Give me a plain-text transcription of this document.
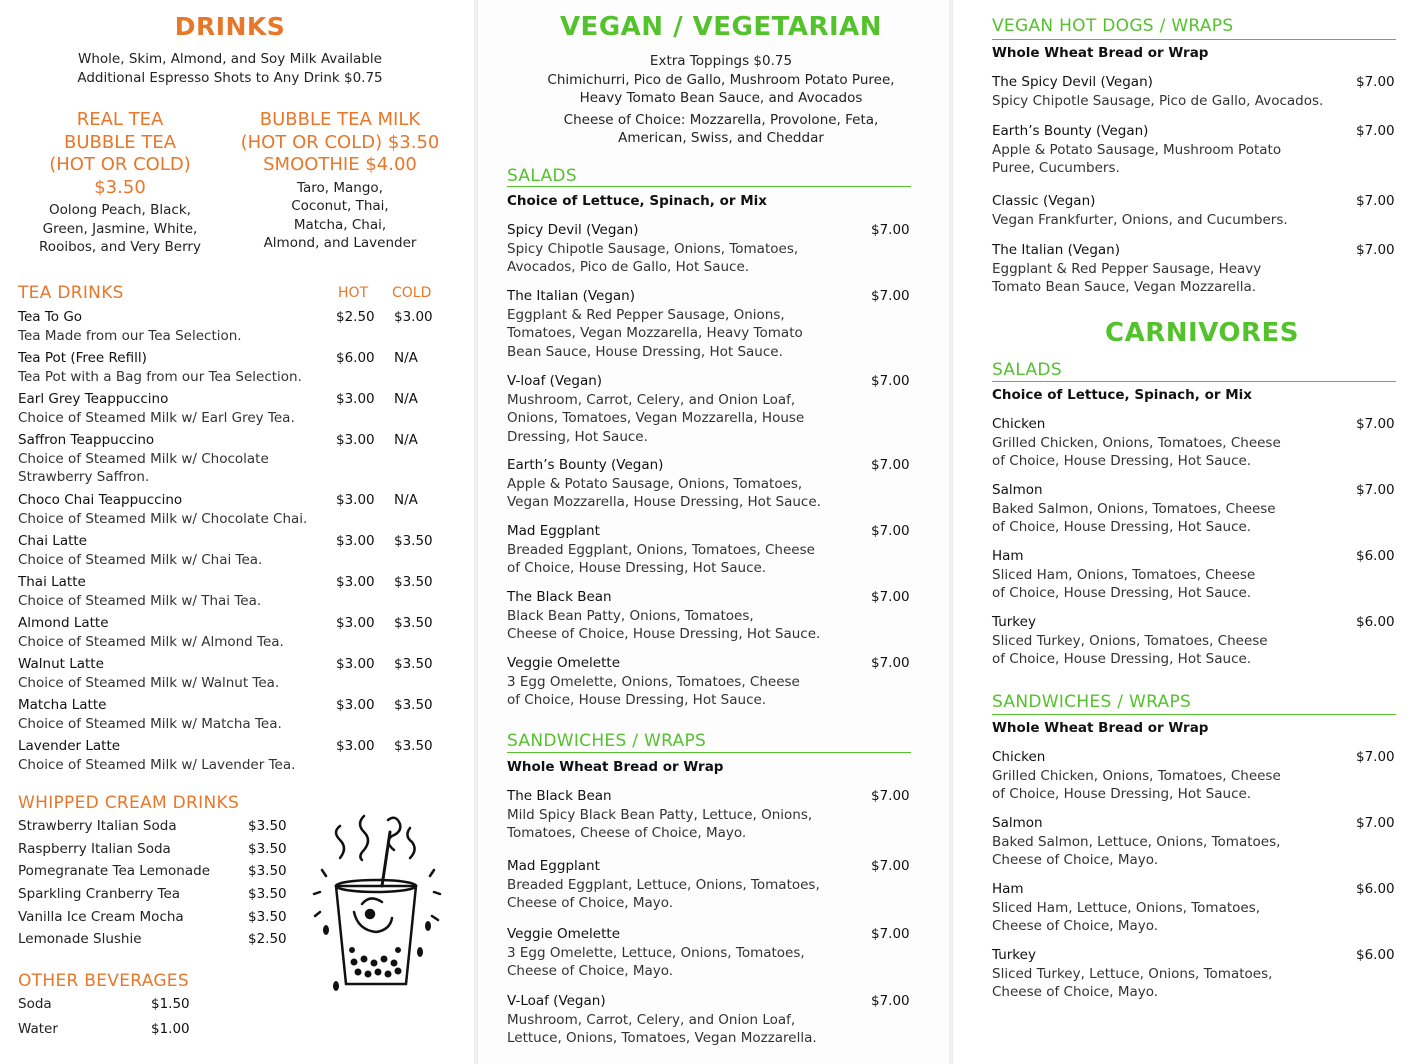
DRINKS
Whole, Skim, Almond, and Soy Milk Available
Additional Espresso Shots to Any Drink $0.75
REAL TEA
BUBBLE TEA
(HOT OR COLD)
$3.50
Oolong Peach, Black,
Green, Jasmine, White,
Rooibos, and Very Berry
BUBBLE TEA MILK
(HOT OR COLD) $3.50
SMOOTHIE $4.00
Taro, Mango,
Coconut, Thai,
Matcha, Chai,
Almond, and Lavender
TEA DRINKS	HOT COLD
Tea To Go
Tea Made from our Tea Selection.
$2.50 $3.00
Tea Pot (Free Refill)
Tea Pot with a Bag from our Tea Selection.
$6.00 N/A
Earl Grey Teappuccino
Choice of Steamed Milk w/ Earl Grey Tea.
$3.00 N/A
Saffron Teappuccino
Choice of Steamed Milk w/ Chocolate
Strawberry Saffron.
$3.00 N/A
Choco Chai Teappuccino
Choice of Steamed Milk w/ Chocolate Chai.
$3.00 N/A
Chai Latte
Choice of Steamed Milk w/ Chai Tea.
$3.00 $3.50
Thai Latte
Choice of Steamed Milk w/ Thai Tea.
$3.00 $3.50
Almond Latte
Choice of Steamed Milk w/ Almond Tea.
$3.00 $3.50
Walnut Latte
Choice of Steamed Milk w/ Walnut Tea.
$3.00 $3.50
Matcha Latte
Choice of Steamed Milk w/ Matcha Tea.
$3.00 $3.50
Lavender Latte
Choice of Steamed Milk w/ Lavender Tea.
$3.00 $3.50
WHIPPED CREAM DRINKS
Strawberry Italian Soda	$3.50
Raspberry Italian Soda	$3.50
Pomegranate Tea Lemonade	$3.50
Sparkling Cranberry Tea	$3.50
Vanilla Ice Cream Mocha	$3.50
Lemonade Slushie	$2.50
OTHER BEVERAGES
Soda	$1.50
Water	$1.00
VEGAN / VEGETARIAN
Extra Toppings $0.75
Chimichurri, Pico de Gallo, Mushroom Potato Puree,
Heavy Tomato Bean Sauce, and Avocados
Cheese of Choice: Mozzarella, Provolone, Feta,
American, Swiss, and Cheddar
SALADS
Choice of Lettuce, Spinach, or Mix
Spicy Devil (Vegan)
Spicy Chipotle Sausage, Onions, Tomatoes,
Avocados, Pico de Gallo, Hot Sauce.
$7.00
The Italian (Vegan)
Eggplant & Red Pepper Sausage, Onions,
Tomatoes, Vegan Mozzarella, Heavy Tomato
Bean Sauce, House Dressing, Hot Sauce.
$7.00
V-loaf (Vegan)
Mushroom, Carrot, Celery, and Onion Loaf,
Onions, Tomatoes, Vegan Mozzarella, House
Dressing, Hot Sauce.
$7.00
Earth’s Bounty (Vegan)
Apple & Potato Sausage, Onions, Tomatoes,
Vegan Mozzarella, House Dressing, Hot Sauce.
$7.00
Mad Eggplant
Breaded Eggplant, Onions, Tomatoes, Cheese
of Choice, House Dressing, Hot Sauce.
$7.00
The Black Bean
Black Bean Patty, Onions, Tomatoes,
Cheese of Choice, House Dressing, Hot Sauce.
$7.00
Veggie Omelette
3 Egg Omelette, Onions, Tomatoes, Cheese
of Choice, House Dressing, Hot Sauce.
$7.00
SANDWICHES / WRAPS
Whole Wheat Bread or Wrap
The Black Bean
Mild Spicy Black Bean Patty, Lettuce, Onions,
Tomatoes, Cheese of Choice, Mayo.
$7.00
Mad Eggplant
Breaded Eggplant, Lettuce, Onions, Tomatoes,
Cheese of Choice, Mayo.
$7.00
Veggie Omelette
3 Egg Omelette, Lettuce, Onions, Tomatoes,
Cheese of Choice, Mayo.
$7.00
V-Loaf (Vegan)
Mushroom, Carrot, Celery, and Onion Loaf,
Lettuce, Onions, Tomatoes, Vegan Mozzarella.
$7.00
VEGAN HOT DOGS / WRAPS
Whole Wheat Bread or Wrap
The Spicy Devil (Vegan)
Spicy Chipotle Sausage, Pico de Gallo, Avocados.
$7.00
Earth’s Bounty (Vegan)
Apple & Potato Sausage, Mushroom Potato
Puree, Cucumbers.
$7.00
Classic (Vegan)
Vegan Frankfurter, Onions, and Cucumbers.
$7.00
The Italian (Vegan)
Eggplant & Red Pepper Sausage, Heavy
Tomato Bean Sauce, Vegan Mozzarella.
$7.00
CARNIVORES
SALADS
Choice of Lettuce, Spinach, or Mix
Chicken
Grilled Chicken, Onions, Tomatoes, Cheese
of Choice, House Dressing, Hot Sauce.
$7.00
Salmon
Baked Salmon, Onions, Tomatoes, Cheese
of Choice, House Dressing, Hot Sauce.
$7.00
Ham
Sliced Ham, Onions, Tomatoes, Cheese
of Choice, House Dressing, Hot Sauce.
$6.00
Turkey
Sliced Turkey, Onions, Tomatoes, Cheese
of Choice, House Dressing, Hot Sauce.
$6.00
SANDWICHES / WRAPS
Whole Wheat Bread or Wrap
Chicken
Grilled Chicken, Onions, Tomatoes, Cheese
of Choice, House Dressing, Hot Sauce.
$7.00
Salmon
Baked Salmon, Lettuce, Onions, Tomatoes,
Cheese of Choice, Mayo.
$7.00
Ham
Sliced Ham, Lettuce, Onions, Tomatoes,
Cheese of Choice, Mayo.
$6.00
Turkey
Sliced Turkey, Lettuce, Onions, Tomatoes,
Cheese of Choice, Mayo.
$6.00
